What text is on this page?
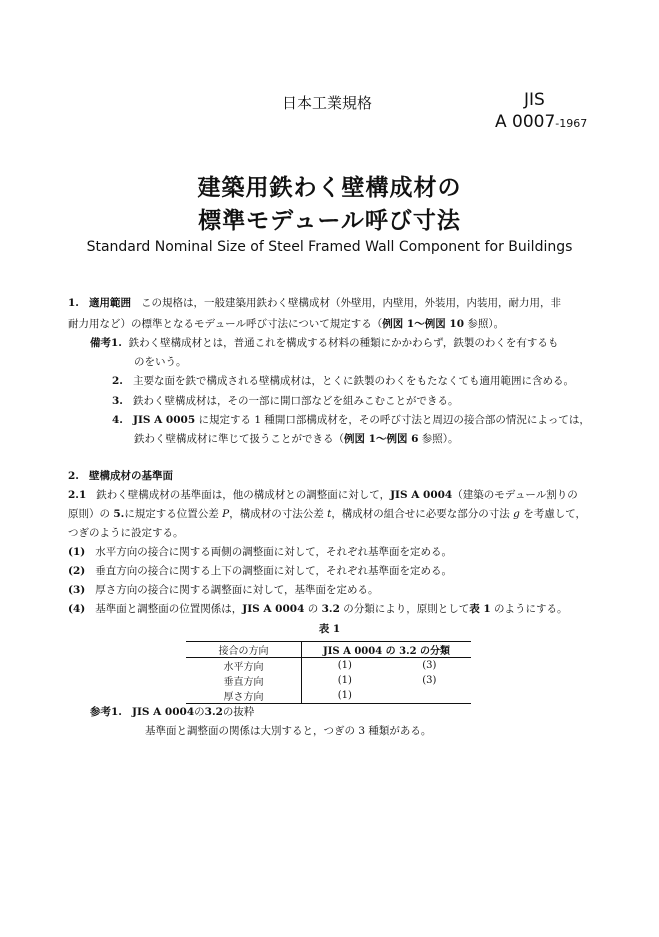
日本工業規格	JIS
A 0007-1967
建築用鉄わく壁構成材の
標準モデュール呼び寸法
Standard Nominal Size of Steel Framed Wall Component for Buildings
1. 適用範囲 この規格は，一般建築用鉄わく壁構成材（外壁用，内壁用，外装用，内装用，耐力用，非
耐力用など）の標準となるモデュール呼び寸法について規定する（例図 1～例図 10 参照）。
備考1. 鉄わく壁構成材とは，普通これを構成する材料の種類にかかわらず，鉄製のわくを有するも
のをいう。
2. 主要な面を鉄で構成される壁構成材は，とくに鉄製のわくをもたなくても適用範囲に含める。
3. 鉄わく壁構成材は，その一部に開口部などを組みこむことができる。
4. JIS A 0005 に規定する 1 種開口部構成材を，その呼び寸法と周辺の接合部の情況によっては，
鉄わく壁構成材に準じて扱うことができる（例図 1～例図 6 参照）。
2. 壁構成材の基準面
2.1 鉄わく壁構成材の基準面は，他の構成材との調整面に対して，JIS A 0004（建築のモデュール割りの
原則）の 5.に規定する位置公差 P，構成材の寸法公差 t，構成材の組合せに必要な部分の寸法 g を考慮して，
つぎのように設定する。
(1) 水平方向の接合に関する両側の調整面に対して，それぞれ基準面を定める。
(2) 垂直方向の接合に関する上下の調整面に対して，それぞれ基準面を定める。
(3) 厚さ方向の接合に関する調整面に対して，基準面を定める。
(4) 基準面と調整面の位置関係は，JIS A 0004 の 3.2 の分類により，原則として表 1 のようにする。
表 1
接合の方向	JIS A 0004 の 3.2 の分類	
水平方向	(1)	(3)
垂直方向	(1)	(3)
厚さ方向	(1)	
参考1. JIS A 0004の3.2の抜粋
基準面と調整面の関係は大別すると，つぎの 3 種類がある。
